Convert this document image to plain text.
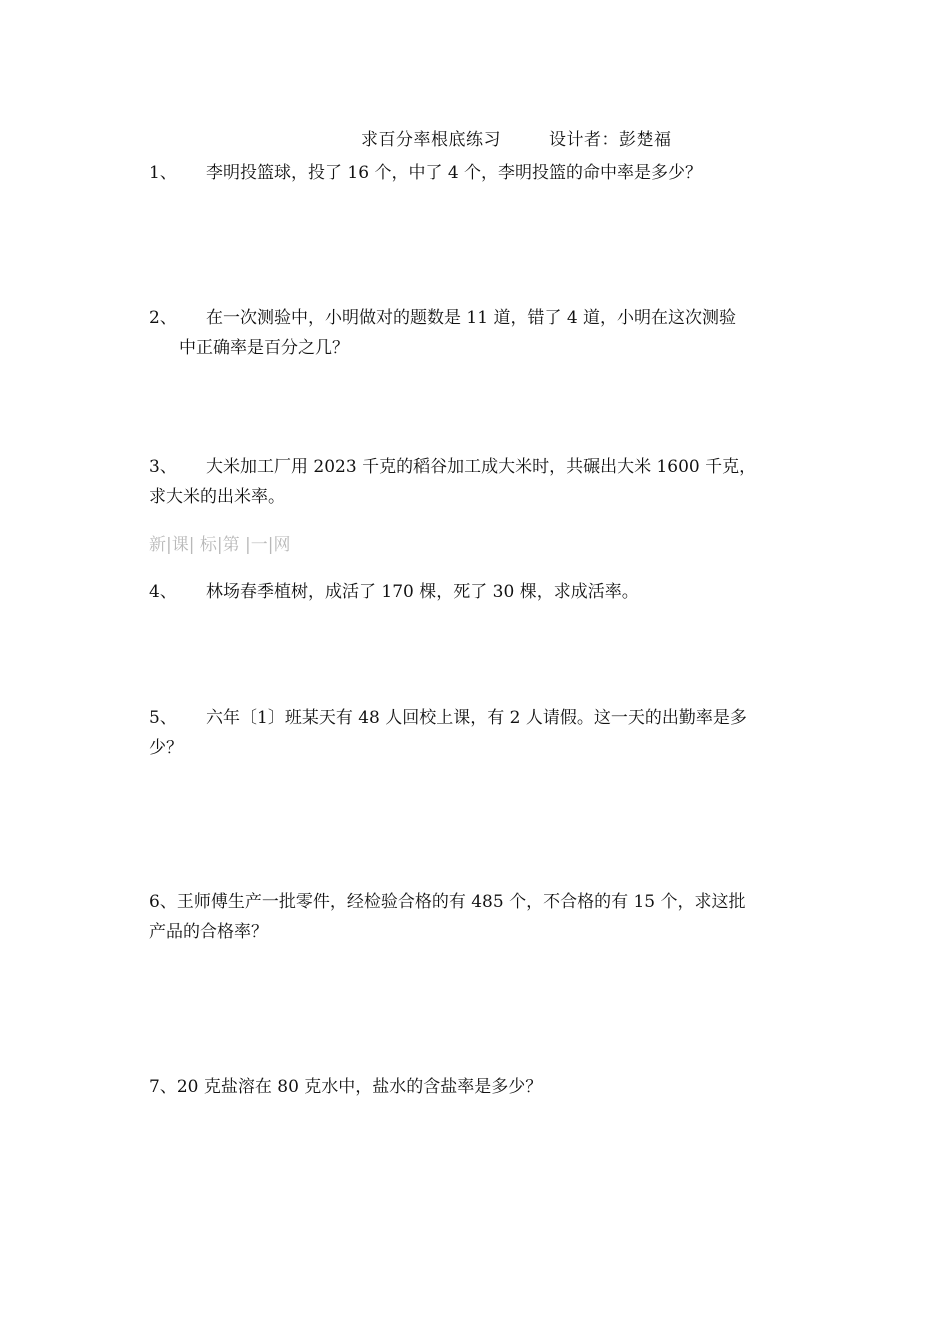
求百分率根底练习	设计者：彭楚福
1、 李明投篮球，投了 16 个，中了 4 个，李明投篮的命中率是多少？
2、 在一次测验中，小明做对的题数是 11 道，错了 4 道，小明在这次测验
中正确率是百分之几？
3、 大米加工厂用 2023 千克的稻谷加工成大米时，共碾出大米 1600 千克，
求大米的出米率。
新|课| 标|第 |一|网
4、 林场春季植树，成活了 170 棵，死了 30 棵，求成活率。
5、 六年〔1〕班某天有 48 人回校上课，有 2 人请假。这一天的出勤率是多
少？
6、王师傅生产一批零件，经检验合格的有 485 个，不合格的有 15 个，求这批
产品的合格率？
7、20 克盐溶在 80 克水中，盐水的含盐率是多少？
